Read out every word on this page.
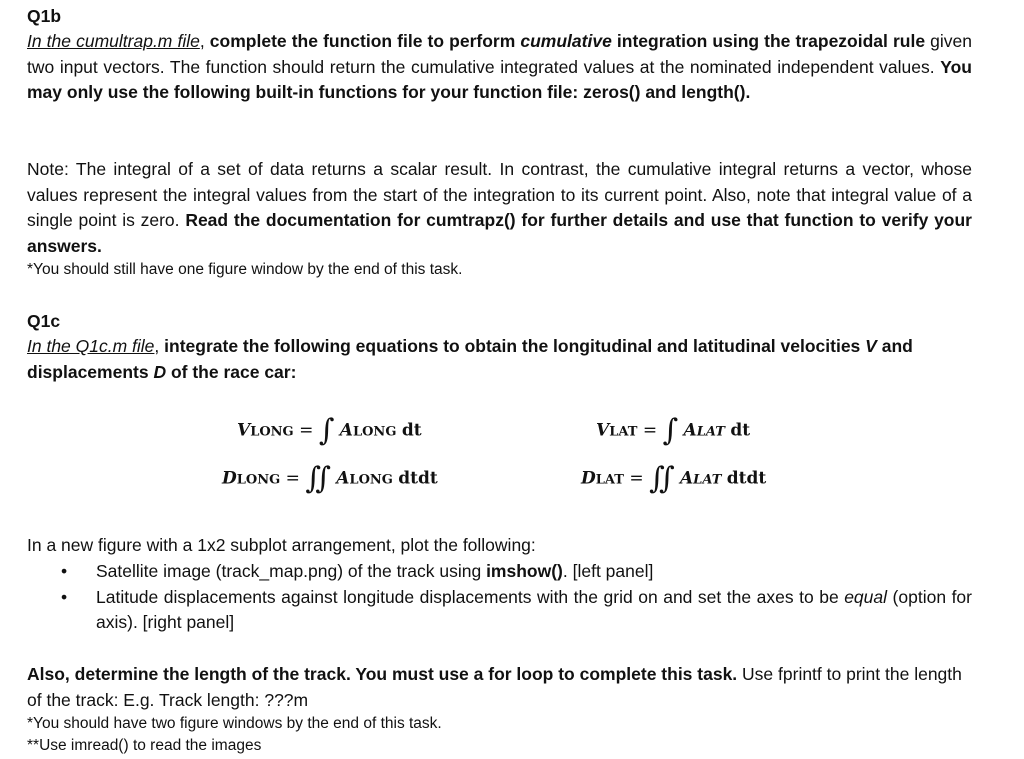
Q1b
In the cumultrap.m file, complete the function file to perform cumulative integration using the trapezoidal rule given two input vectors. The function should return the cumulative integrated values at the nominated independent values. You may only use the following built-in functions for your function file: zeros() and length().
Note: The integral of a set of data returns a scalar result. In contrast, the cumulative integral returns a vector, whose values represent the integral values from the start of the integration to its current point. Also, note that integral value of a single point is zero. Read the documentation for cumtrapz() for further details and use that function to verify your answers.
*You should still have one figure window by the end of this task.
Q1c
In the Q1c.m file, integrate the following equations to obtain the longitudinal and latitudinal velocities V and displacements D of the race car:
VLONG = ∫ ALONG dt
DLONG = ∬ ALONG dtdt
VLAT = ∫ ALAT dt
DLAT = ∬ ALAT dtdt
In a new figure with a 1x2 subplot arrangement, plot the following:
• Satellite image (track_map.png) of the track using imshow(). [left panel]
• Latitude displacements against longitude displacements with the grid on and set the axes to be equal (option for axis). [right panel]
Also, determine the length of the track. You must use a for loop to complete this task. Use fprintf to print the length of the track: E.g. Track length: ???m
*You should have two figure windows by the end of this task.
**Use imread() to read the images
